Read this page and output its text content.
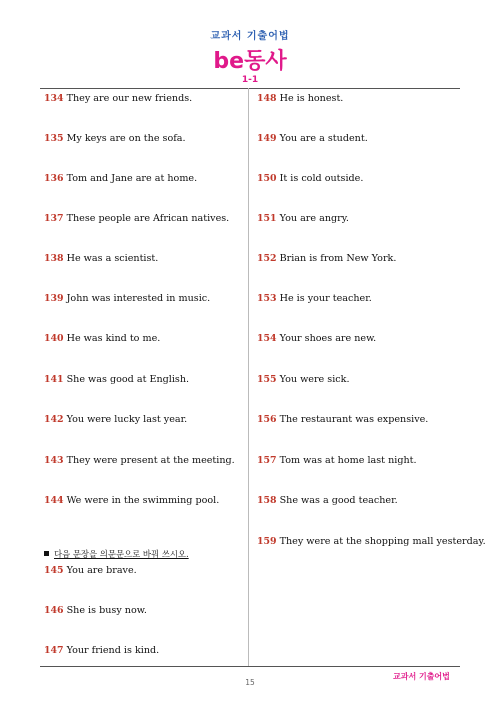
교과서 기출어법
be동사
1-1
134 They are our new friends.
135 My keys are on the sofa.
136 Tom and Jane are at home.
137 These people are African natives.
138 He was a scientist.
139 John was interested in music.
140 He was kind to me.
141 She was good at English.
142 You were lucky last year.
143 They were present at the meeting.
144 We were in the swimming pool.
다음 문장을 의문문으로 바꿔 쓰시오.
145 You are brave.
146 She is busy now.
147 Your friend is kind.
148 He is honest.
149 You are a student.
150 It is cold outside.
151 You are angry.
152 Brian is from New York.
153 He is your teacher.
154 Your shoes are new.
155 You were sick.
156 The restaurant was expensive.
157 Tom was at home last night.
158 She was a good teacher.
159 They were at the shopping mall yesterday.
15
교과서 기출어법
